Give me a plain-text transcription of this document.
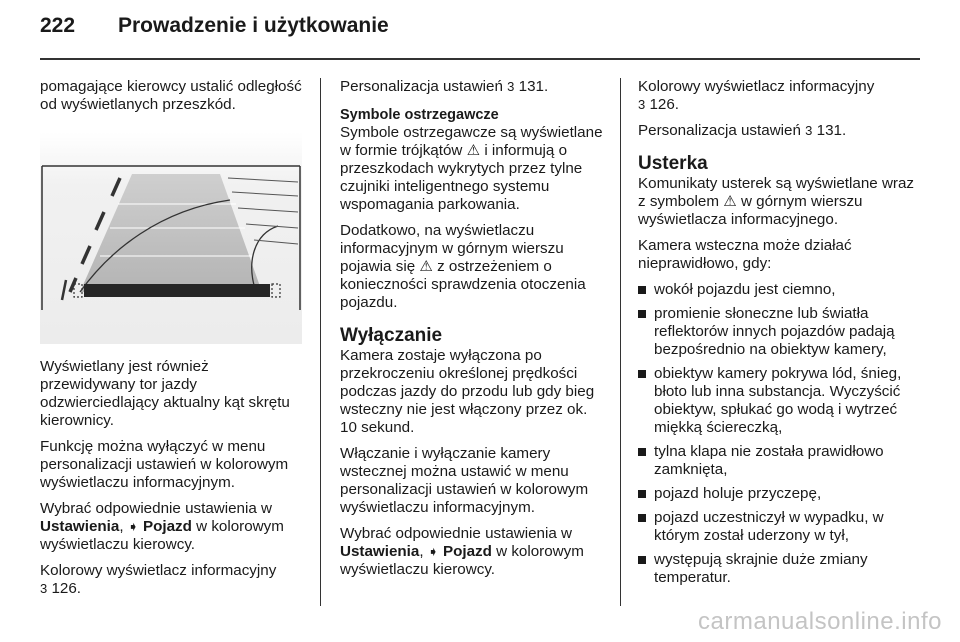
222 Prowadzenie i użytkowanie

pomagające kierowcy ustalić odległość od wyświetlanych przeszkód.

Wyświetlany jest również przewidywany tor jazdy odzwierciedlający aktualny kąt skrętu kierownicy.

Funkcję można wyłączyć w menu personalizacji ustawień w kolorowym wyświetlaczu informacyjnym.

Wybrać odpowiednie ustawienia w
Ustawienia, ➧ Pojazd w kolorowym wyświetlaczu kierowcy.

Kolorowy wyświetlacz informacyjny
3 126.

Personalizacja ustawień 3 131.

Symbole ostrzegawcze

Symbole ostrzegawcze są wyświetlane w formie trójkątów ⚠ i informują o przeszkodach wykrytych przez tylne czujniki inteligentnego systemu wspomagania parkowania.

Dodatkowo, na wyświetlaczu informacyjnym w górnym wierszu pojawia się ⚠ z ostrzeżeniem o konieczności sprawdzenia otoczenia pojazdu.

Wyłączanie

Kamera zostaje wyłączona po przekroczeniu określonej prędkości podczas jazdy do przodu lub gdy bieg wsteczny nie jest włączony przez ok. 10 sekund.

Włączanie i wyłączanie kamery wstecznej można ustawić w menu personalizacji ustawień w kolorowym wyświetlaczu informacyjnym.

Wybrać odpowiednie ustawienia w
Ustawienia, ➧ Pojazd w kolorowym wyświetlaczu kierowcy.

Kolorowy wyświetlacz informacyjny
3 126.

Personalizacja ustawień 3 131.

Usterka

Komunikaty usterek są wyświetlane wraz z symbolem ⚠ w górnym wierszu wyświetlacza informacyjnego.

Kamera wsteczna może działać nieprawidłowo, gdy:

wokół pojazdu jest ciemno,
promienie słoneczne lub światła reflektorów innych pojazdów padają bezpośrednio na obiektyw kamery,
obiektyw kamery pokrywa lód, śnieg, błoto lub inna substancja. Wyczyścić obiektyw, spłukać go wodą i wytrzeć miękką ściereczką,
tylna klapa nie została prawidłowo zamknięta,
pojazd holuje przyczepę,
pojazd uczestniczył w wypadku, w którym został uderzony w tył,
występują skrajnie duże zmiany temperatur.
carmanualsonline.info
